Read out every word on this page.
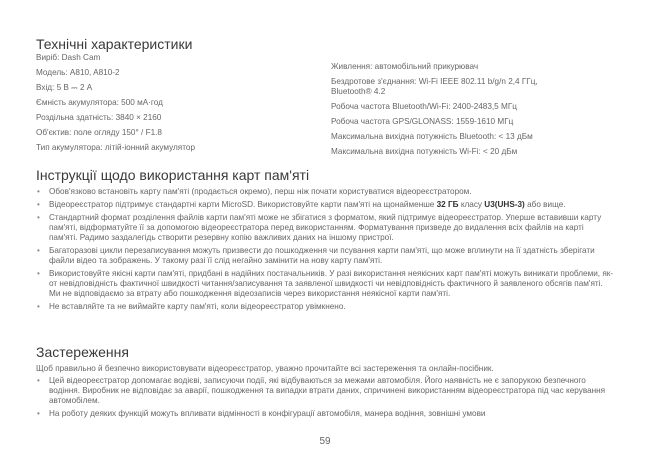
Технічні характеристики

Виріб: Dash Cam

Модель: A810, A810-2

Вхід: 5 В ⎓ 2 А

Ємність акумулятора: 500 мА·год

Роздільна здатність: 3840 × 2160

Об'єктив: поле огляду 150° / F1.8

Тип акумулятора: літій-іонний акумулятор

Живлення: автомобільний прикурювач

Бездротове з'єднання: Wi-Fi IEEE 802.11 b/g/n 2,4 ГГц, Bluetooth® 4.2

Робоча частота Bluetooth/Wi-Fi: 2400-2483,5 МГц

Робоча частота GPS/GLONASS: 1559-1610 МГц

Максимальна вихідна потужність Bluetooth: < 13 дБм

Максимальна вихідна потужність Wi-Fi: < 20 дБм

Інструкції щодо використання карт пам'яті
• Обов'язково встановіть карту пам'яті (продається окремо), перш ніж почати користуватися відеореєстратором.
• Відеореєстратор підтримує стандартні карти MicroSD. Використовуйте карти пам'яті на щонайменше 32 ГБ класу U3(UHS-3) або вище.
• Стандартний формат розділення файлів карти пам'яті може не збігатися з форматом, який підтримує відеореєстратор. Уперше вставивши карту пам'яті, відформатуйте її за допомогою відеореєстратора перед використанням. Форматування призведе до видалення всіх файлів на карті пам'яті. Радимо заздалегідь створити резервну копію важливих даних на іншому пристрої.
• Багаторазові цикли перезаписування можуть призвести до пошкодження чи псування карти пам'яті, що може вплинути на її здатність зберігати файли відео та зображень. У такому разі її слід негайно замінити на нову карту пам'яті.
• Використовуйте якісні карти пам'яті, придбані в надійних постачальників. У разі використання неякісних карт пам'яті можуть виникати проблеми, як-от невідповідність фактичної швидкості читання/записування та заявленої швидкості чи невідповідність фактичного й заявленого обсягів пам'яті. Ми не відповідаємо за втрату або пошкодження відеозаписів через використання неякісної карти пам'яті.
• Не вставляйте та не виймайте карту пам'яті, коли відеореєстратор увімкнено.
Застереження

Щоб правильно й безпечно використовувати відеореєстратор, уважно прочитайте всі застереження та онлайн-посібник.

• Цей відеореєстратор допомагає водієві, записуючи події, які відбуваються за межами автомобіля. Його наявність не є запорукою безпечного водіння. Виробник не відповідає за аварії, пошкодження та випадки втрати даних, спричинені використанням відеореєстратора під час керування автомобілем.
• На роботу деяких функцій можуть впливати відмінності в конфігурації автомобіля, манера водіння, зовнішні умови
59
